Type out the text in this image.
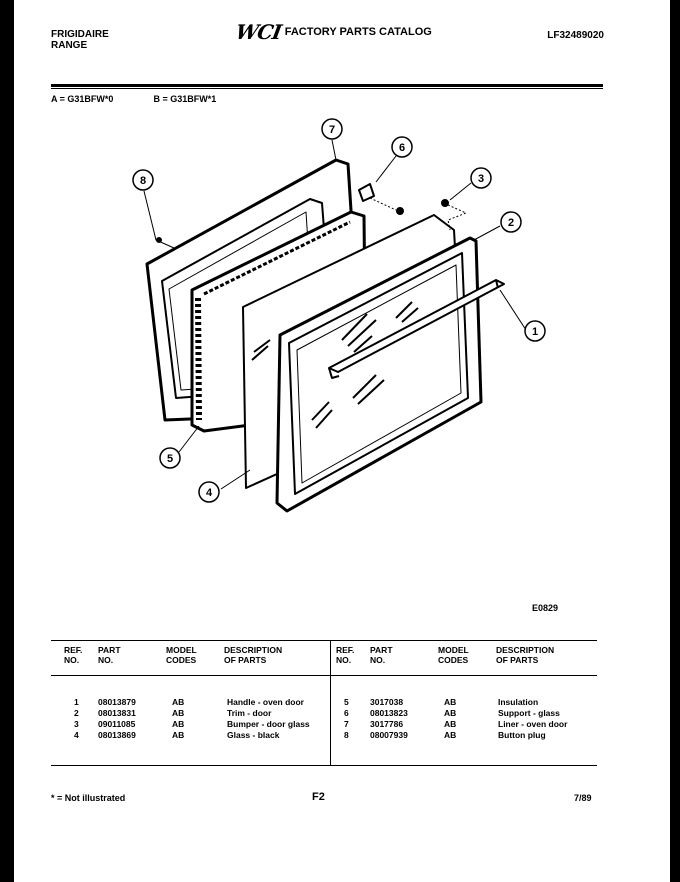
FRIGIDAIRE
RANGE
WCI FACTORY PARTS CATALOG	LF32489020
A = G31BFW*0	B = G31BFW*1
8
7
6
3
2
1
5
4
E0829
REF.
NO.
PART
NO.
MODEL
CODES
DESCRIPTION
OF PARTS
REF.
NO.
PART
NO.
MODEL
CODES
DESCRIPTION
OF PARTS
1 08013879	AB	Handle - oven door
2 08013831	AB	Trim - door
3 09011085	AB	Bumper - door glass
4 08013869	AB	Glass - black
5	3017038	AB	Insulation
6	08013823	AB	Support - glass
7	3017786	AB	Liner - oven door
8	08007939	AB	Button plug
* = Not illustrated	F2	7/89
